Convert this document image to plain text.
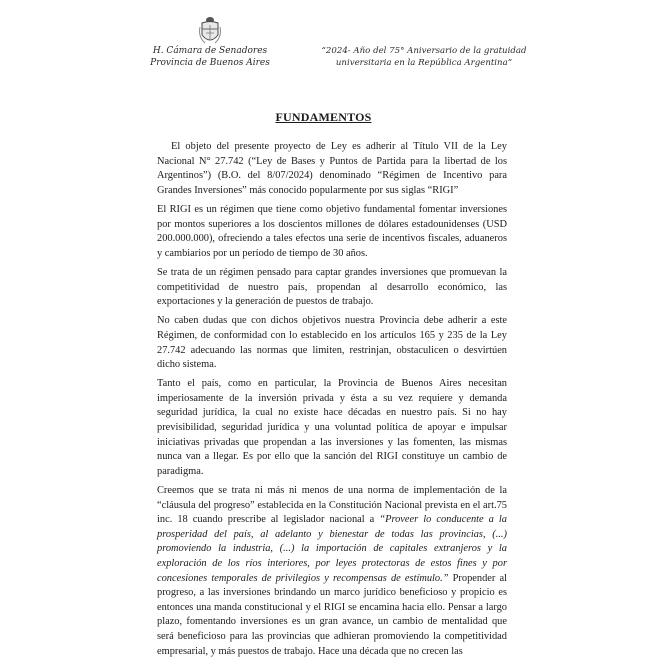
H. Cámara de Senadores
Provincia de Buenos Aires
“2024- Año del 75° Aniversario de la gratuidad
universitaria en la República Argentina”
FUNDAMENTOS

El objeto del presente proyecto de Ley es adherir al Título VII de la Ley Nacional N° 27.742 (“Ley de Bases y Puntos de Partida para la libertad de los Argentinos”) (B.O. del 8/07/2024) denominado “Régimen de Incentivo para Grandes Inversiones” más conocido popularmente por sus siglas “RIGI”

El RIGI es un régimen que tiene como objetivo fundamental fomentar inversiones por montos superiores a los doscientos millones de dólares estadounidenses (USD 200.000.000), ofreciendo a tales efectos una serie de incentivos fiscales, aduaneros y cambiarios por un período de tiempo de 30 años.

Se trata de un régimen pensado para captar grandes inversiones que promuevan la competitividad de nuestro país, propendan al desarrollo económico, las exportaciones y la generación de puestos de trabajo.

No caben dudas que con dichos objetivos nuestra Provincia debe adherir a este Régimen, de conformidad con lo establecido en los artículos 165 y 235 de la Ley 27.742 adecuando las normas que limiten, restrinjan, obstaculicen o desvirtúen dicho sistema.

Tanto el país, como en particular, la Provincia de Buenos Aires necesitan imperiosamente de la inversión privada y ésta a su vez requiere y demanda seguridad jurídica, la cual no existe hace décadas en nuestro país. Si no hay previsibilidad, seguridad jurídica y una voluntad política de apoyar e impulsar iniciativas privadas que propendan a las inversiones y las fomenten, las mismas nunca van a llegar. Es por ello que la sanción del RIGI constituye un cambio de paradigma.

Creemos que se trata ni más ni menos de una norma de implementación de la “cláusula del progreso” establecida en la Constitución Nacional prevista en el art.75 inc. 18 cuando prescribe al legislador nacional a “Proveer lo conducente a la prosperidad del país, al adelanto y bienestar de todas las provincias, (...) promoviendo la industria, (...) la importación de capitales extranjeros y la exploración de los ríos interiores, por leyes protectoras de estos fines y por concesiones temporales de privilegios y recompensas de estímulo.” Propender al progreso, a las inversiones brindando un marco jurídico beneficioso y propicio es entonces una manda constitucional y el RIGI se encamina hacia ello. Pensar a largo plazo, fomentando inversiones es un gran avance, un cambio de mentalidad que será beneficioso para las provincias que adhieran promoviendo la competitividad empresarial, y más puestos de trabajo. Hace una década que no crecen las
